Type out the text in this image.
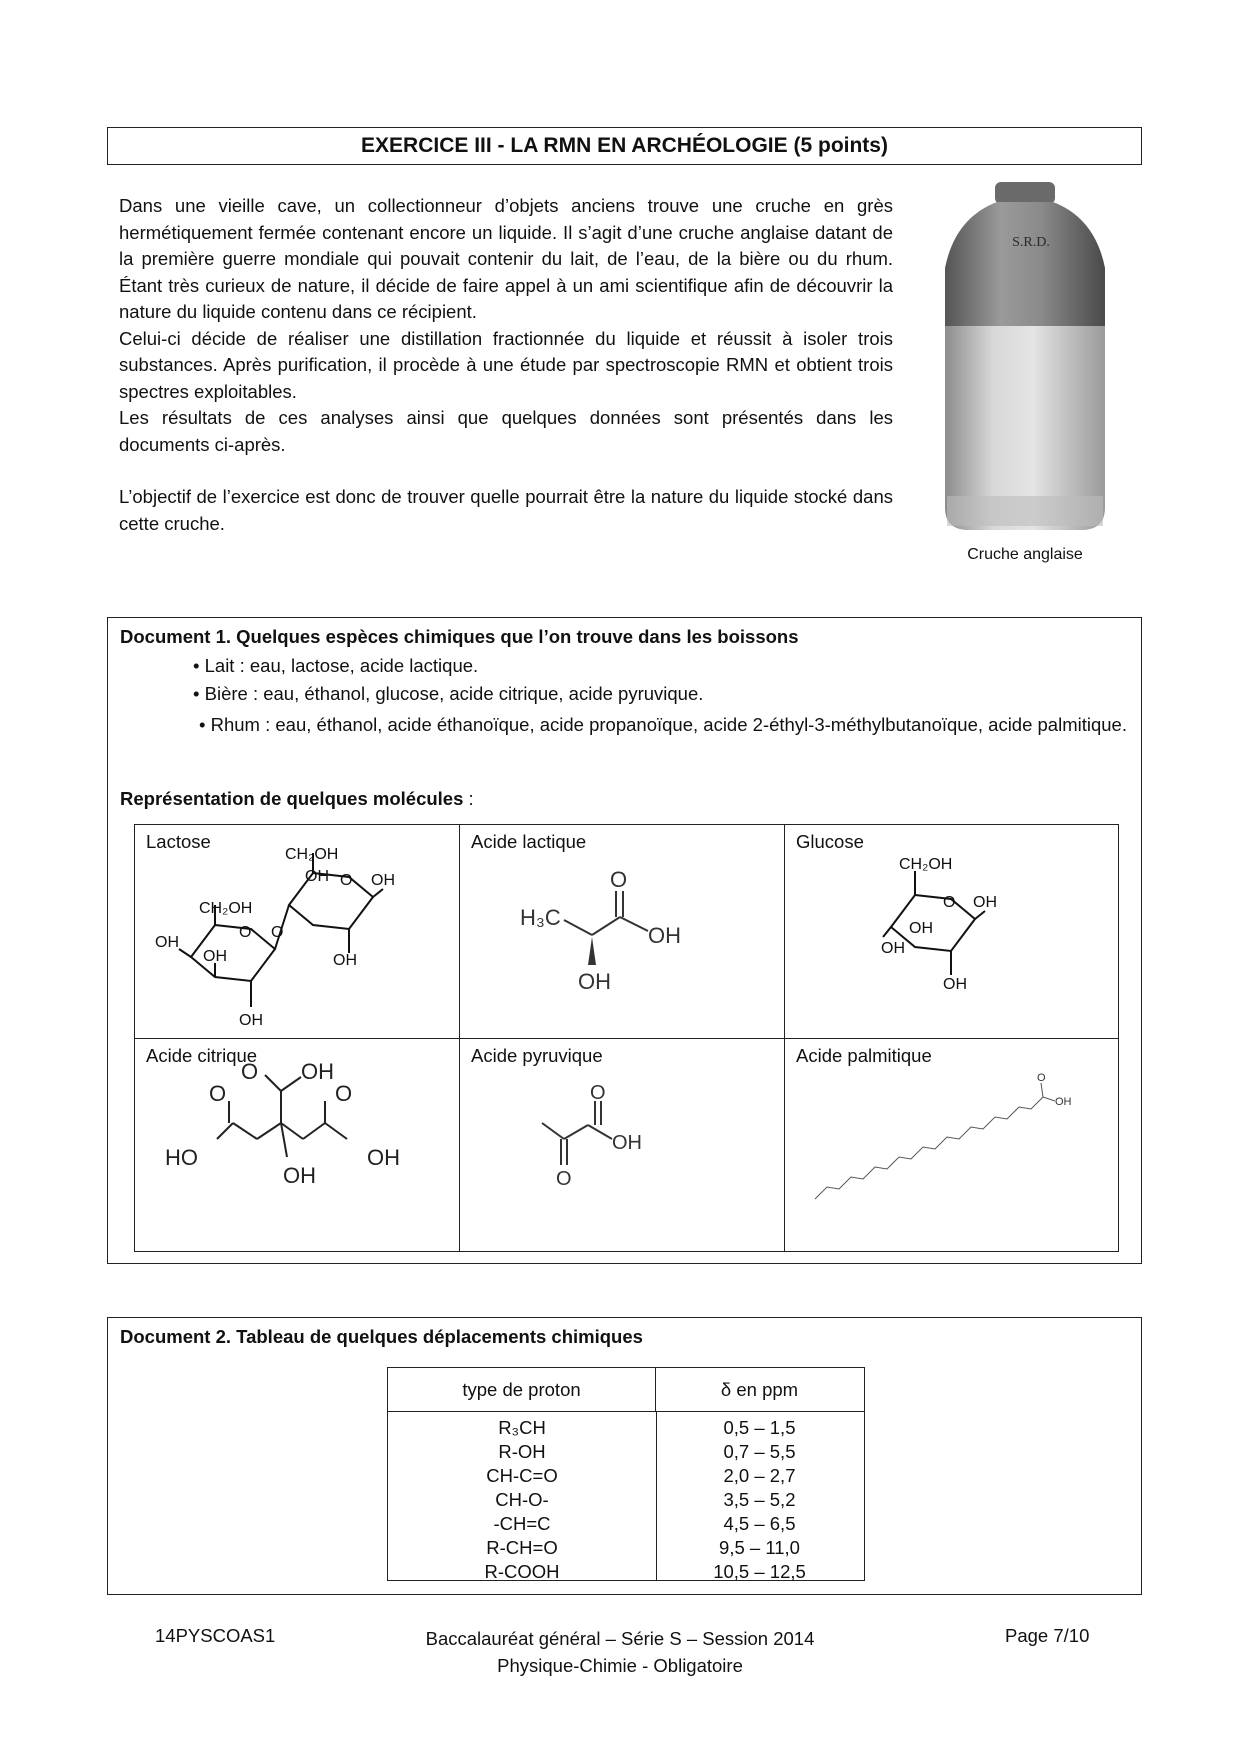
EXERCICE III - LA RMN EN ARCHÉOLOGIE (5 points)

Dans une vieille cave, un collectionneur d’objets anciens trouve une cruche en grès hermétiquement fermée contenant encore un liquide. Il s’agit d’une cruche anglaise datant de la première guerre mondiale qui pouvait contenir du lait, de l’eau, de la bière ou du rhum. Étant très curieux de nature, il décide de faire appel à un ami scientifique afin de découvrir la nature du liquide contenu dans ce récipient.

Celui-ci décide de réaliser une distillation fractionnée du liquide et réussit à isoler trois substances. Après purification, il procède à une étude par spectroscopie RMN et obtient trois spectres exploitables.

Les résultats de ces analyses ainsi que quelques données sont présentés dans les documents ci-après.

L’objectif de l’exercice est donc de trouver quelle pourrait être la nature du liquide stocké dans cette cruche.

S.R.D.
Cruche anglaise
Document 1. Quelques espèces chimiques que l’on trouve dans les boissons
• Lait : eau, lactose, acide lactique.
• Bière : eau, éthanol, glucose, acide citrique, acide pyruvique.
• Rhum : eau, éthanol, acide éthanoïque, acide propanoïque, acide 2-éthyl-3-méthylbutanoïque, acide palmitique.
Représentation de quelques molécules :
Lactose
CH₂OH
OH O OH
OH
CH₂OH
O O
OH
OH
OH
Acide lactique
H₃C
O
OH
OH
Glucose
CH₂OH
O OH
OH
OH
OH
Acide citrique
O OH
O	O
HO
OH
OH
Acide pyruvique
O
OH
O
Acide palmitique
O
OH
Document 2. Tableau de quelques déplacements chimiques
type de proton	δ en ppm
R₃CH	0,5 – 1,5
R-OH	0,7 – 5,5
CH-C=O	2,0 – 2,7
CH-O-	3,5 – 5,2
-CH=C	4,5 – 6,5
R-CH=O	9,5 – 11,0
R-COOH	10,5 – 12,5
14PYSCOAS1	Baccalauréat général – Série S – Session 2014
Physique-Chimie - Obligatoire
Page 7/10
